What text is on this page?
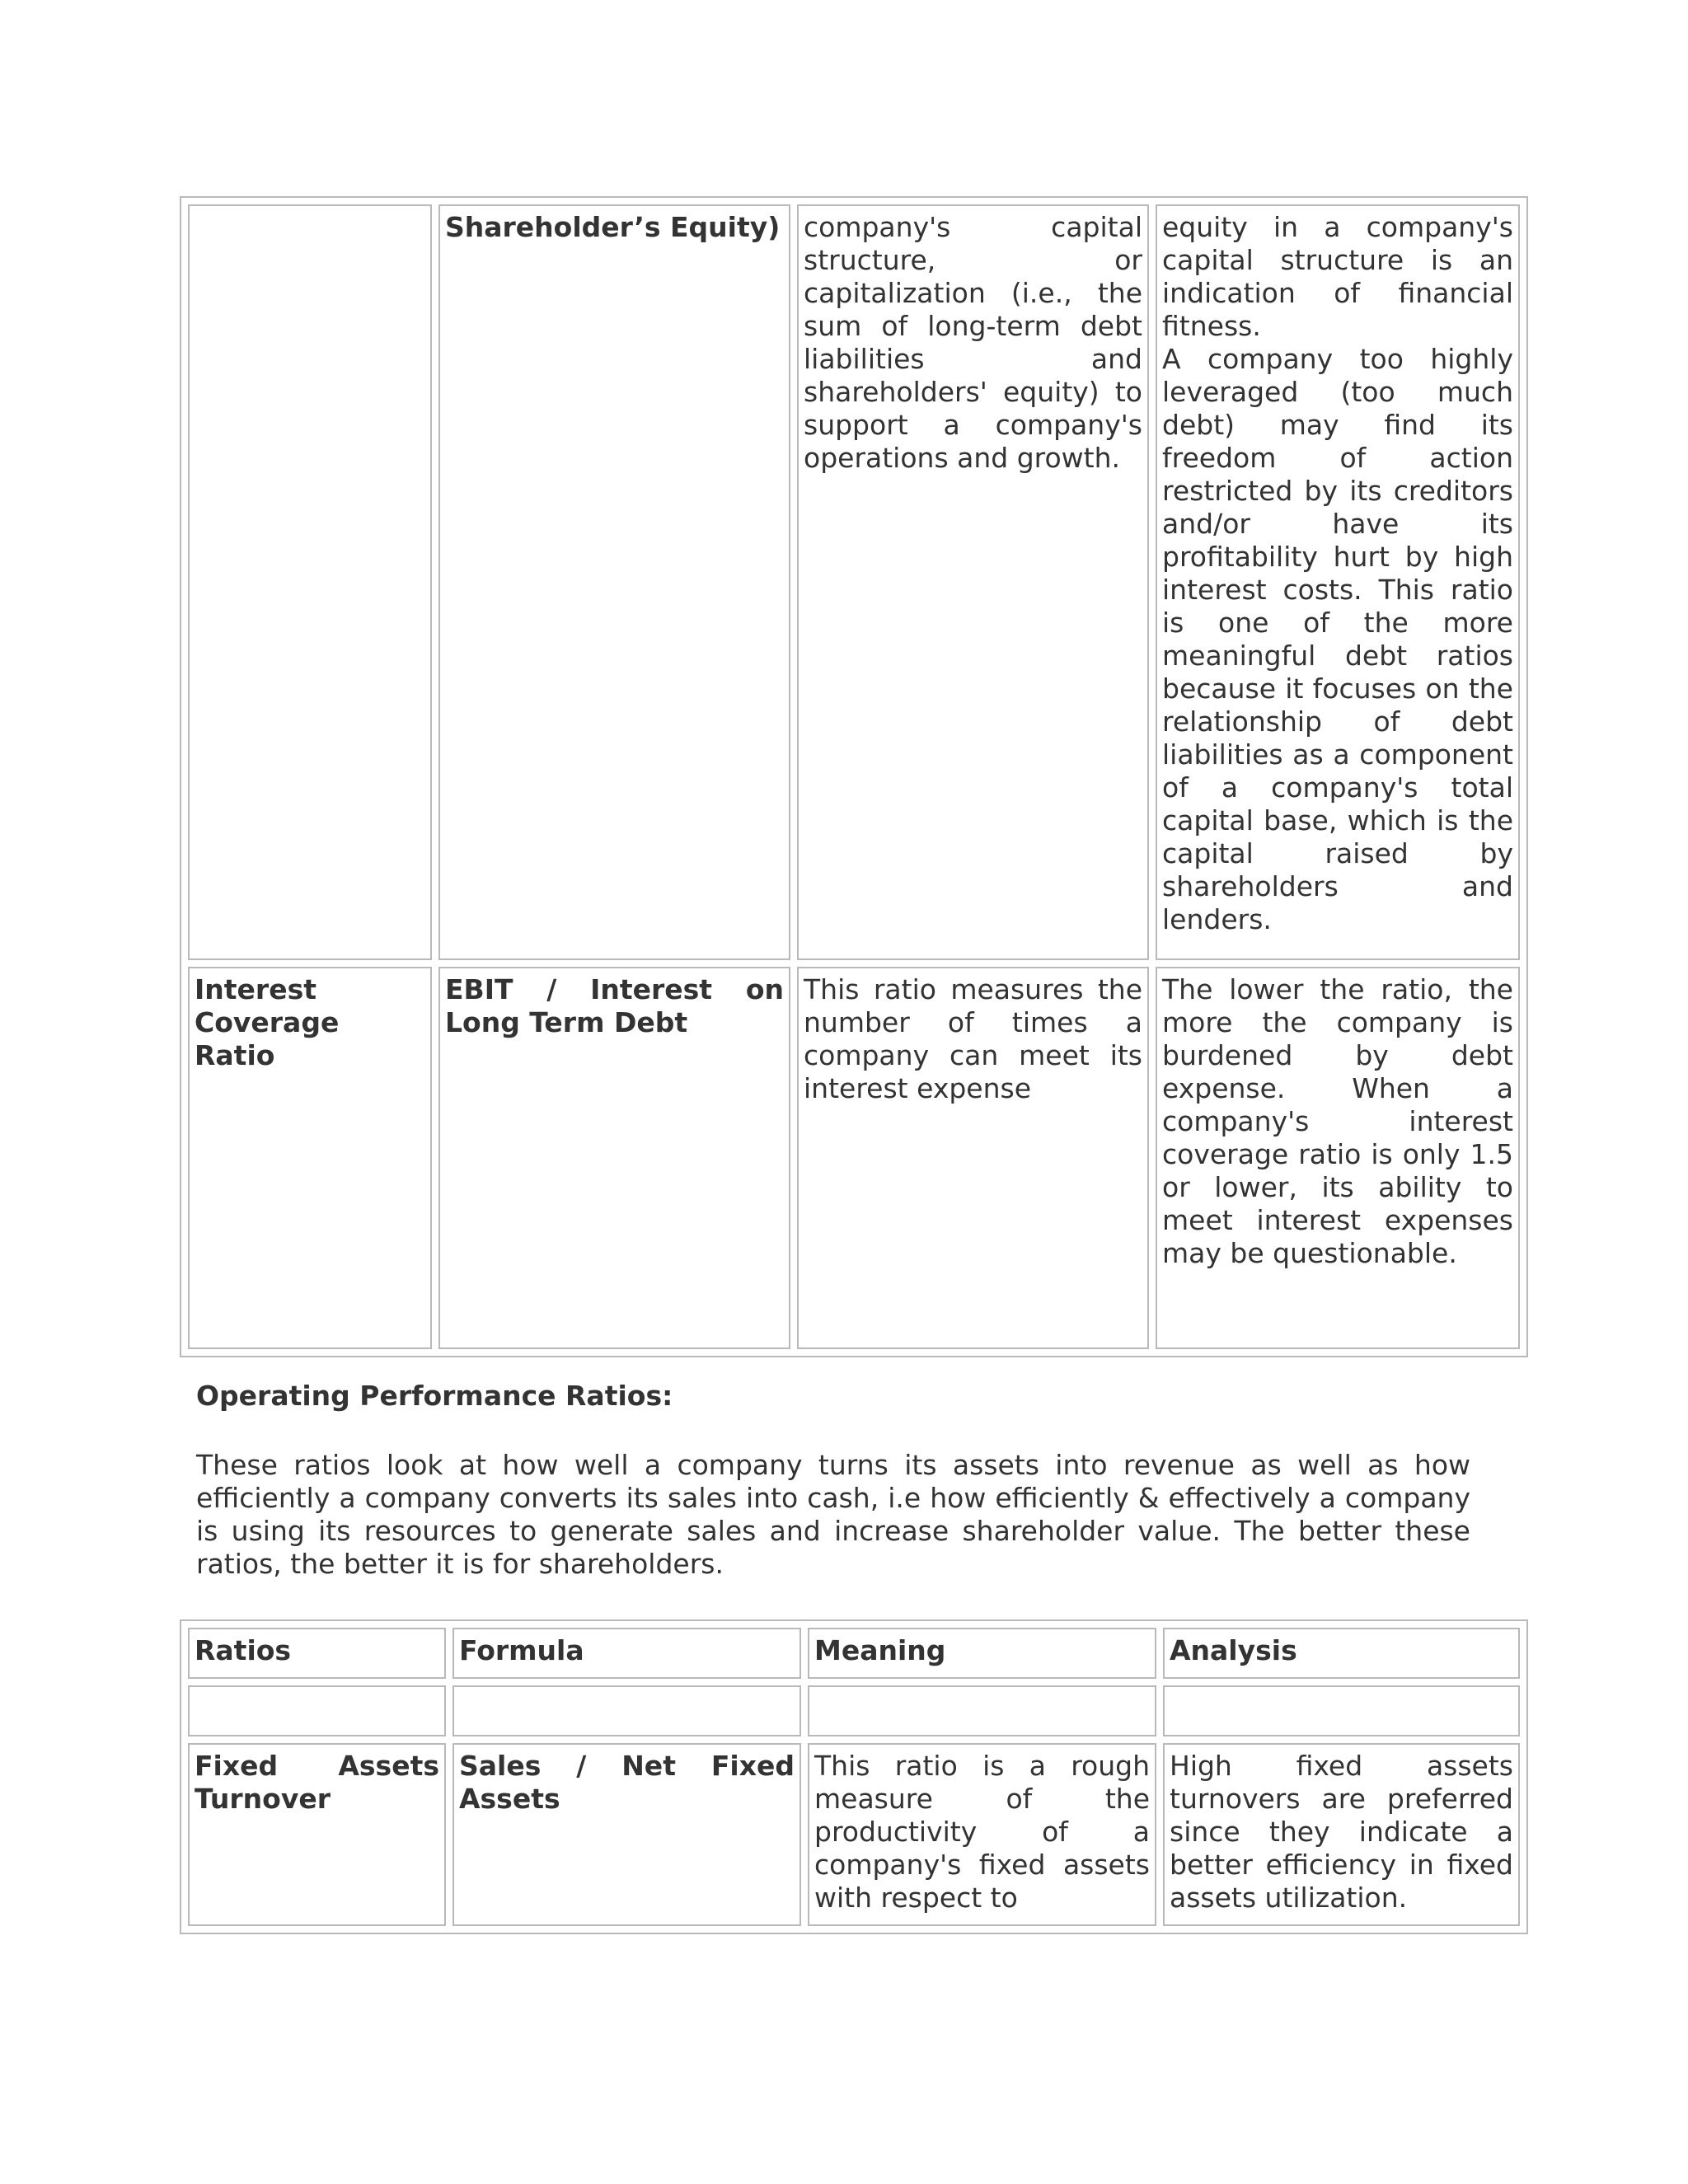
	Shareholder’s Equity)	company's capital structure, or capitalization (i.e., the sum of long-term debt liabilities and shareholders' equity) to support a company's operations and growth.	equity in a company's capital structure is an indication of financial fitness.
A company too highly leveraged (too much debt) may find its freedom of action restricted by its creditors and/or have its profitability hurt by high interest costs. This ratio is one of the more meaningful debt ratios because it focuses on the relationship of debt liabilities as a component of a company's total capital base, which is the capital raised by shareholders and lenders.

Interest Coverage Ratio	EBIT / Interest on Long Term Debt	This ratio measures the number of times a company can meet its interest expense	The lower the ratio, the more the company is burdened by debt expense. When a company's interest coverage ratio is only 1.5 or lower, its ability to meet interest expenses may be questionable.
Operating Performance Ratios:
These ratios look at how well a company turns its assets into revenue as well as how efficiently a company converts its sales into cash, i.e how efficiently & effectively a company is using its resources to generate sales and increase shareholder value. The better these ratios, the better it is for shareholders.
Ratios	Formula	Meaning	Analysis

Fixed Assets Turnover	Sales / Net Fixed Assets	This ratio is a rough measure of the productivity of a company's fixed assets with respect to	High fixed assets turnovers are preferred since they indicate a better efficiency in fixed assets utilization.
